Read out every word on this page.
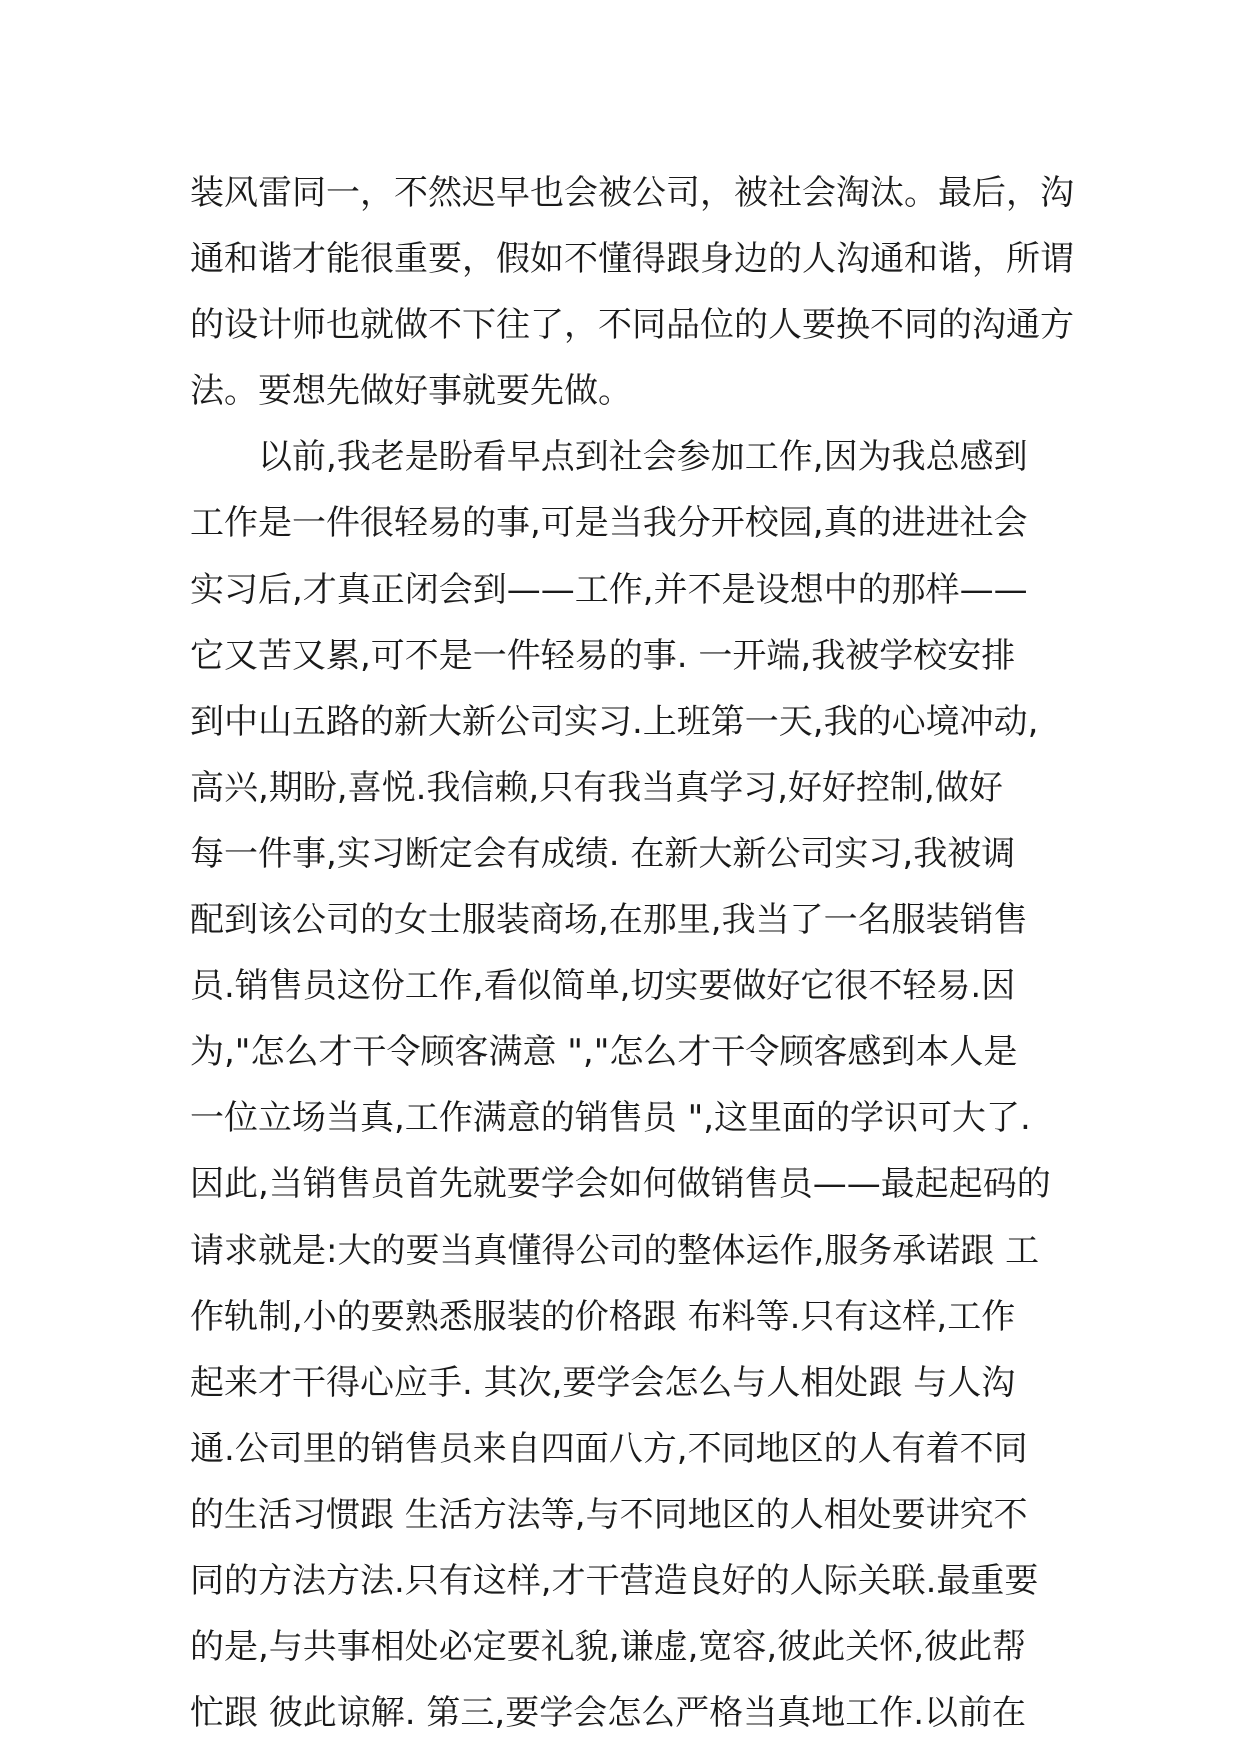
装风雷同一，不然迟早也会被公司，被社会淘汰。最后，沟
通和谐才能很重要，假如不懂得跟身边的人沟通和谐，所谓
的设计师也就做不下往了，不同品位的人要换不同的沟通方
法。要想先做好事就要先做。
　　以前,我老是盼看早点到社会参加工作,因为我总感到
工作是一件很轻易的事,可是当我分开校园,真的进进社会
实习后,才真正闭会到——工作,并不是设想中的那样——
它又苦又累,可不是一件轻易的事. 一开端,我被学校安排
到中山五路的新大新公司实习.上班第一天,我的心境冲动,
高兴,期盼,喜悦.我信赖,只有我当真学习,好好控制,做好
每一件事,实习断定会有成绩. 在新大新公司实习,我被调
配到该公司的女士服装商场,在那里,我当了一名服装销售
员.销售员这份工作,看似简单,切实要做好它很不轻易.因
为,"怎么才干令顾客满意 ","怎么才干令顾客感到本人是
一位立场当真,工作满意的销售员 ",这里面的学识可大了.
因此,当销售员首先就要学会如何做销售员——最起起码的
请求就是:大的要当真懂得公司的整体运作,服务承诺跟 工
作轨制,小的要熟悉服装的价格跟 布料等.只有这样,工作
起来才干得心应手. 其次,要学会怎么与人相处跟 与人沟
通.公司里的销售员来自四面八方,不同地区的人有着不同
的生活习惯跟 生活方法等,与不同地区的人相处要讲究不
同的方法方法.只有这样,才干营造良好的人际关联.最重要
的是,与共事相处必定要礼貌,谦虚,宽容,彼此关怀,彼此帮
忙跟 彼此谅解. 第三,要学会怎么严格当真地工作.以前在
